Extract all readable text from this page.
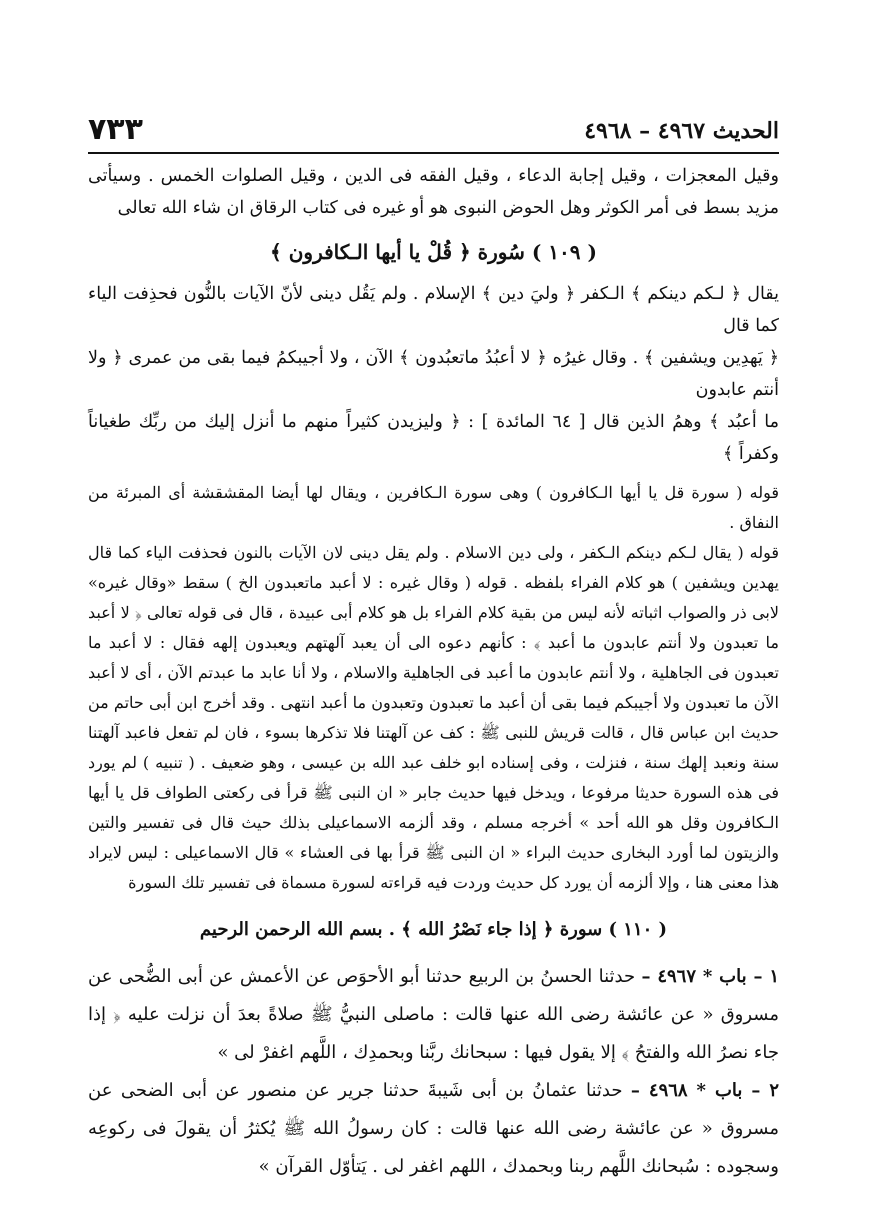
٧٣٣	الحديث ٤٩٦٧ – ٤٩٦٨

وقيل المعجزات ، وقيل إجابة الدعاء ، وقيل الفقه فى الدين ، وقيل الصلوات الخمس . وسيأتى مزيد بسط فى أمر الكوثر وهل الحوض النبوى هو أو غيره فى كتاب الرقاق ان شاء الله تعالى

( ١٠٩ ) سُورة ﴿ قُلْ يا أيها الـكافرون ﴾

يقال ﴿ لـكم دينكم ﴾ الـكفر ﴿ وليَ دين ﴾ الإسلام . ولم يَقُل دينى لأنّ الآيات بالنُّون فحذِفت الياء كما قال

﴿ يَهدِين ويشفين ﴾ . وقال غيرُه ﴿ لا أعبُدُ ماتعبُدون ﴾ الآن ، ولا أجيبكمُ فيما بقى من عمرى ﴿ ولا أنتم عابدون

ما أعبُد ﴾ وهمُ الذين قال [ ٦٤ المائدة ] : ﴿ وليزيدن كثيراً منهم ما أنزل إليك من ربِّك طغياناً وكفراً ﴾

قوله ( سورة قل يا أيها الـكافرون ) وهى سورة الـكافرين ، ويقال لها أيضا المقشقشة أى المبرئة من النفاق .

قوله ( يقال لـكم دينكم الـكفر ، ولى دين الاسلام . ولم يقل دينى لان الآيات بالنون فحذفت الياء كما قال يهدين ويشفين ) هو كلام الفراء بلفظه . قوله ( وقال غيره : لا أعبد ماتعبدون الخ ) سقط «وقال غيره» لابى ذر والصواب اثباته لأنه ليس من بقية كلام الفراء بل هو كلام أبى عبيدة ، قال فى قوله تعالى ﴿ لا أعبد ما تعبدون ولا أنتم عابدون ما أعبد ﴾ : كأنهم دعوه الى أن يعبد آلهتهم ويعبدون إلهه فقال : لا أعبد ما تعبدون فى الجاهلية ، ولا أنتم عابدون ما أعبد فى الجاهلية والاسلام ، ولا أنا عابد ما عبدتم الآن ، أى لا أعبد الآن ما تعبدون ولا أجيبكم فيما بقى أن أعبد ما تعبدون وتعبدون ما أعبد انتهى . وقد أخرج ابن أبى حاتم من حديث ابن عباس قال ، قالت قريش للنبى ﷺ : كف عن آلهتنا فلا تذكرها بسوء ، فان لم تفعل فاعبد آلهتنا سنة ونعبد إلهك سنة ، فنزلت ، وفى إسناده ابو خلف عبد الله بن عيسى ، وهو ضعيف . ( تنبيه ) لم يورد فى هذه السورة حديثا مرفوعا ، ويدخل فيها حديث جابر « ان النبى ﷺ قرأ فى ركعتى الطواف قل يا أيها الـكافرون وقل هو الله أحد » أخرجه مسلم ، وقد ألزمه الاسماعيلى بذلك حيث قال فى تفسير والتين والزيتون لما أورد البخارى حديث البراء « ان النبى ﷺ قرأ بها فى العشاء » قال الاسماعيلى : ليس لايراد هذا معنى هنا ، وإلا ألزمه أن يورد كل حديث وردت فيه قراءته لسورة مسماة فى تفسير تلك السورة

( ١١٠ ) سورة ﴿ إذا جاء نَصْرُ الله ﴾ . بسم الله الرحمن الرحيم

١ – باب * ٤٩٦٧ – حدثنا الحسنُ بن الربيع حدثنا أبو الأحوَص عن الأعمش عن أبى الضُّحى عن مسروق « عن عائشة رضى الله عنها قالت : ماصلى النبيُّ ﷺ صلاةً بعدَ أن نزلت عليه ﴿ إذا جاء نصرُ الله والفتحُ ﴾ إلا يقول فيها : سبحانك ربَّنا وبحمدِك ، اللَّهم اغفرْ لى »

٢ – باب * ٤٩٦٨ – حدثنا عثمانُ بن أبى شَيبةَ حدثنا جرير عن منصور عن أبى الضحى عن مسروق « عن عائشة رضى الله عنها قالت : كان رسولُ الله ﷺ يُكثرُ أن يقولَ فى ركوعِه وسجوده : سُبحانك اللَّهم ربنا وبحمدك ، اللهم اغفر لى . يَتأوّل القرآن »
